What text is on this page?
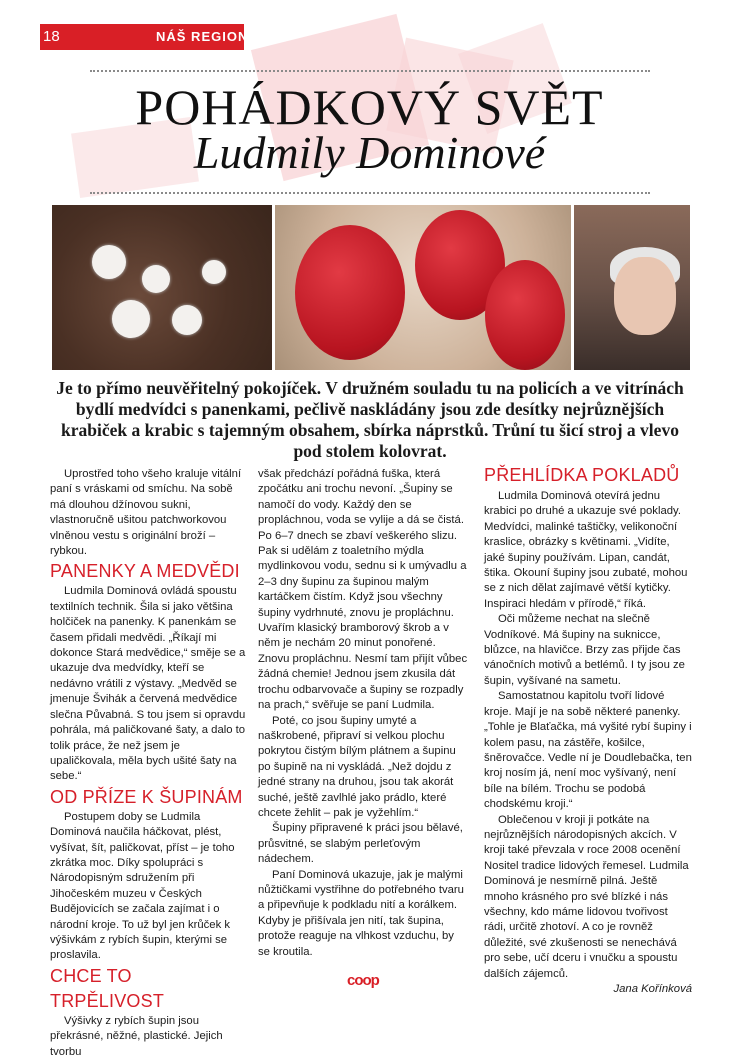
18	NÁŠ REGION
POHÁDKOVÝ SVĚT
Ludmily Dominové
Je to přímo neuvěřitelný pokojíček. V družném souladu tu na policích a ve vitrínách bydlí medvídci s panenkami, pečlivě naskládány jsou zde desítky nejrůznějších krabiček a krabic s tajemným obsahem, sbírka náprstků. Trůní tu šicí stroj a vlevo pod stolem kolovrat.

Uprostřed toho všeho kraluje vitální paní s vráskami od smíchu. Na sobě má dlouhou džínovou sukni, vlastnoručně ušitou patchworkovou vlněnou vestu s originální broží – rybkou.

PANENKY A MEDVĚDI

Ludmila Dominová ovládá spoustu textilních technik. Šila si jako většina holčiček na panenky. K panenkám se časem přidali medvědi. „Říkají mi dokonce Stará medvědice,“ směje se a ukazuje dva medvídky, kteří se nedávno vrátili z výstavy. „Medvěd se jmenuje Švihák a červená medvědice slečna Půvabná. S tou jsem si opravdu pohrála, má paličkované šaty, a dalo to tolik práce, že než jsem je upaličkovala, měla bych ušité šaty na sebe.“

OD PŘÍZE K ŠUPINÁM

Postupem doby se Ludmila Dominová naučila háčkovat, plést, vyšívat, šít, paličkovat, příst – je toho zkrátka moc. Díky spolupráci s Národopisným sdružením při Jihočeském muzeu v Českých Budějovicích se začala zajímat i o národní kroje. To už byl jen krůček k výšivkám z rybích šupin, kterými se proslavila.

CHCE TO TRPĚLIVOST

Výšivky z rybích šupin jsou překrásné, něžné, plastické. Jejich tvorbu

však předchází pořádná fuška, která zpočátku ani trochu nevoní. „Šupiny se namočí do vody. Každý den se propláchnou, voda se vylije a dá se čistá. Po 6–7 dnech se zbaví veškerého slizu. Pak si udělám z toaletního mýdla mydlinkovou vodu, sednu si k umývadlu a 2–3 dny šupinu za šupinou malým kartáčkem čistím. Když jsou všechny šupiny vydrhnuté, znovu je propláchnu. Uvařím klasický bramborový škrob a v něm je nechám 20 minut ponořené. Znovu propláchnu. Nesmí tam přijít vůbec žádná chemie! Jednou jsem zkusila dát trochu odbarvovače a šupiny se rozpadly na prach,“ svěřuje se paní Ludmila.

Poté, co jsou šupiny umyté a naškrobené, připraví si velkou plochu pokrytou čistým bílým plátnem a šupinu po šupině na ni vyskládá. „Než dojdu z jedné strany na druhou, jsou tak akorát suché, ještě zavlhlé jako prádlo, které chcete žehlit – pak je vyžehlím.“

Šupiny připravené k práci jsou bělavé, průsvitné, se slabým perleťovým nádechem.

Paní Dominová ukazuje, jak je malými nůžtičkami vystřihne do potřebného tvaru a připevňuje k podkladu nití a korálkem. Kdyby je přišívala jen nití, tak šupina, protože reaguje na vlhkost vzduchu, by se kroutila.

PŘEHLÍDKA POKLADŮ

Ludmila Dominová otevírá jednu krabici po druhé a ukazuje své poklady. Medvídci, malinké taštičky, velikonoční kraslice, obrázky s květinami. „Vidíte, jaké šupiny používám. Lipan, candát, štika. Okouní šupiny jsou zubaté, mohou se z nich dělat zajímavé větší kytičky. Inspiraci hledám v přírodě,“ říká.

Oči můžeme nechat na slečně Vodníkové. Má šupiny na suknicce, blůzce, na hlavičce. Brzy zas přijde čas vánočních motivů a betlémů. I ty jsou ze šupin, vyšívané na sametu.

Samostatnou kapitolu tvoří lidové kroje. Mají je na sobě některé panenky. „Tohle je Blaťačka, má vyšité rybí šupiny i kolem pasu, na zástěře, košilce, šněrovačce. Vedle ní je Doudlebačka, ten kroj nosím já, není moc vyšívaný, není bíle na bílém. Trochu se podobá chodskému kroji.“

Oblečenou v kroji ji potkáte na nejrůznějších národopisných akcích. V kroji také převzala v roce 2008 ocenění Nositel tradice lidových řemesel. Ludmila Dominová je nesmírně pilná. Ještě mnoho krásného pro své blízké i nás všechny, kdo máme lidovou tvořivost rádi, určitě zhotoví. A co je rovněž důležité, své zkušenosti se nenechává pro sebe, učí dceru i vnučku a spoustu dalších zájemců.

Jana Kořínková

coop
